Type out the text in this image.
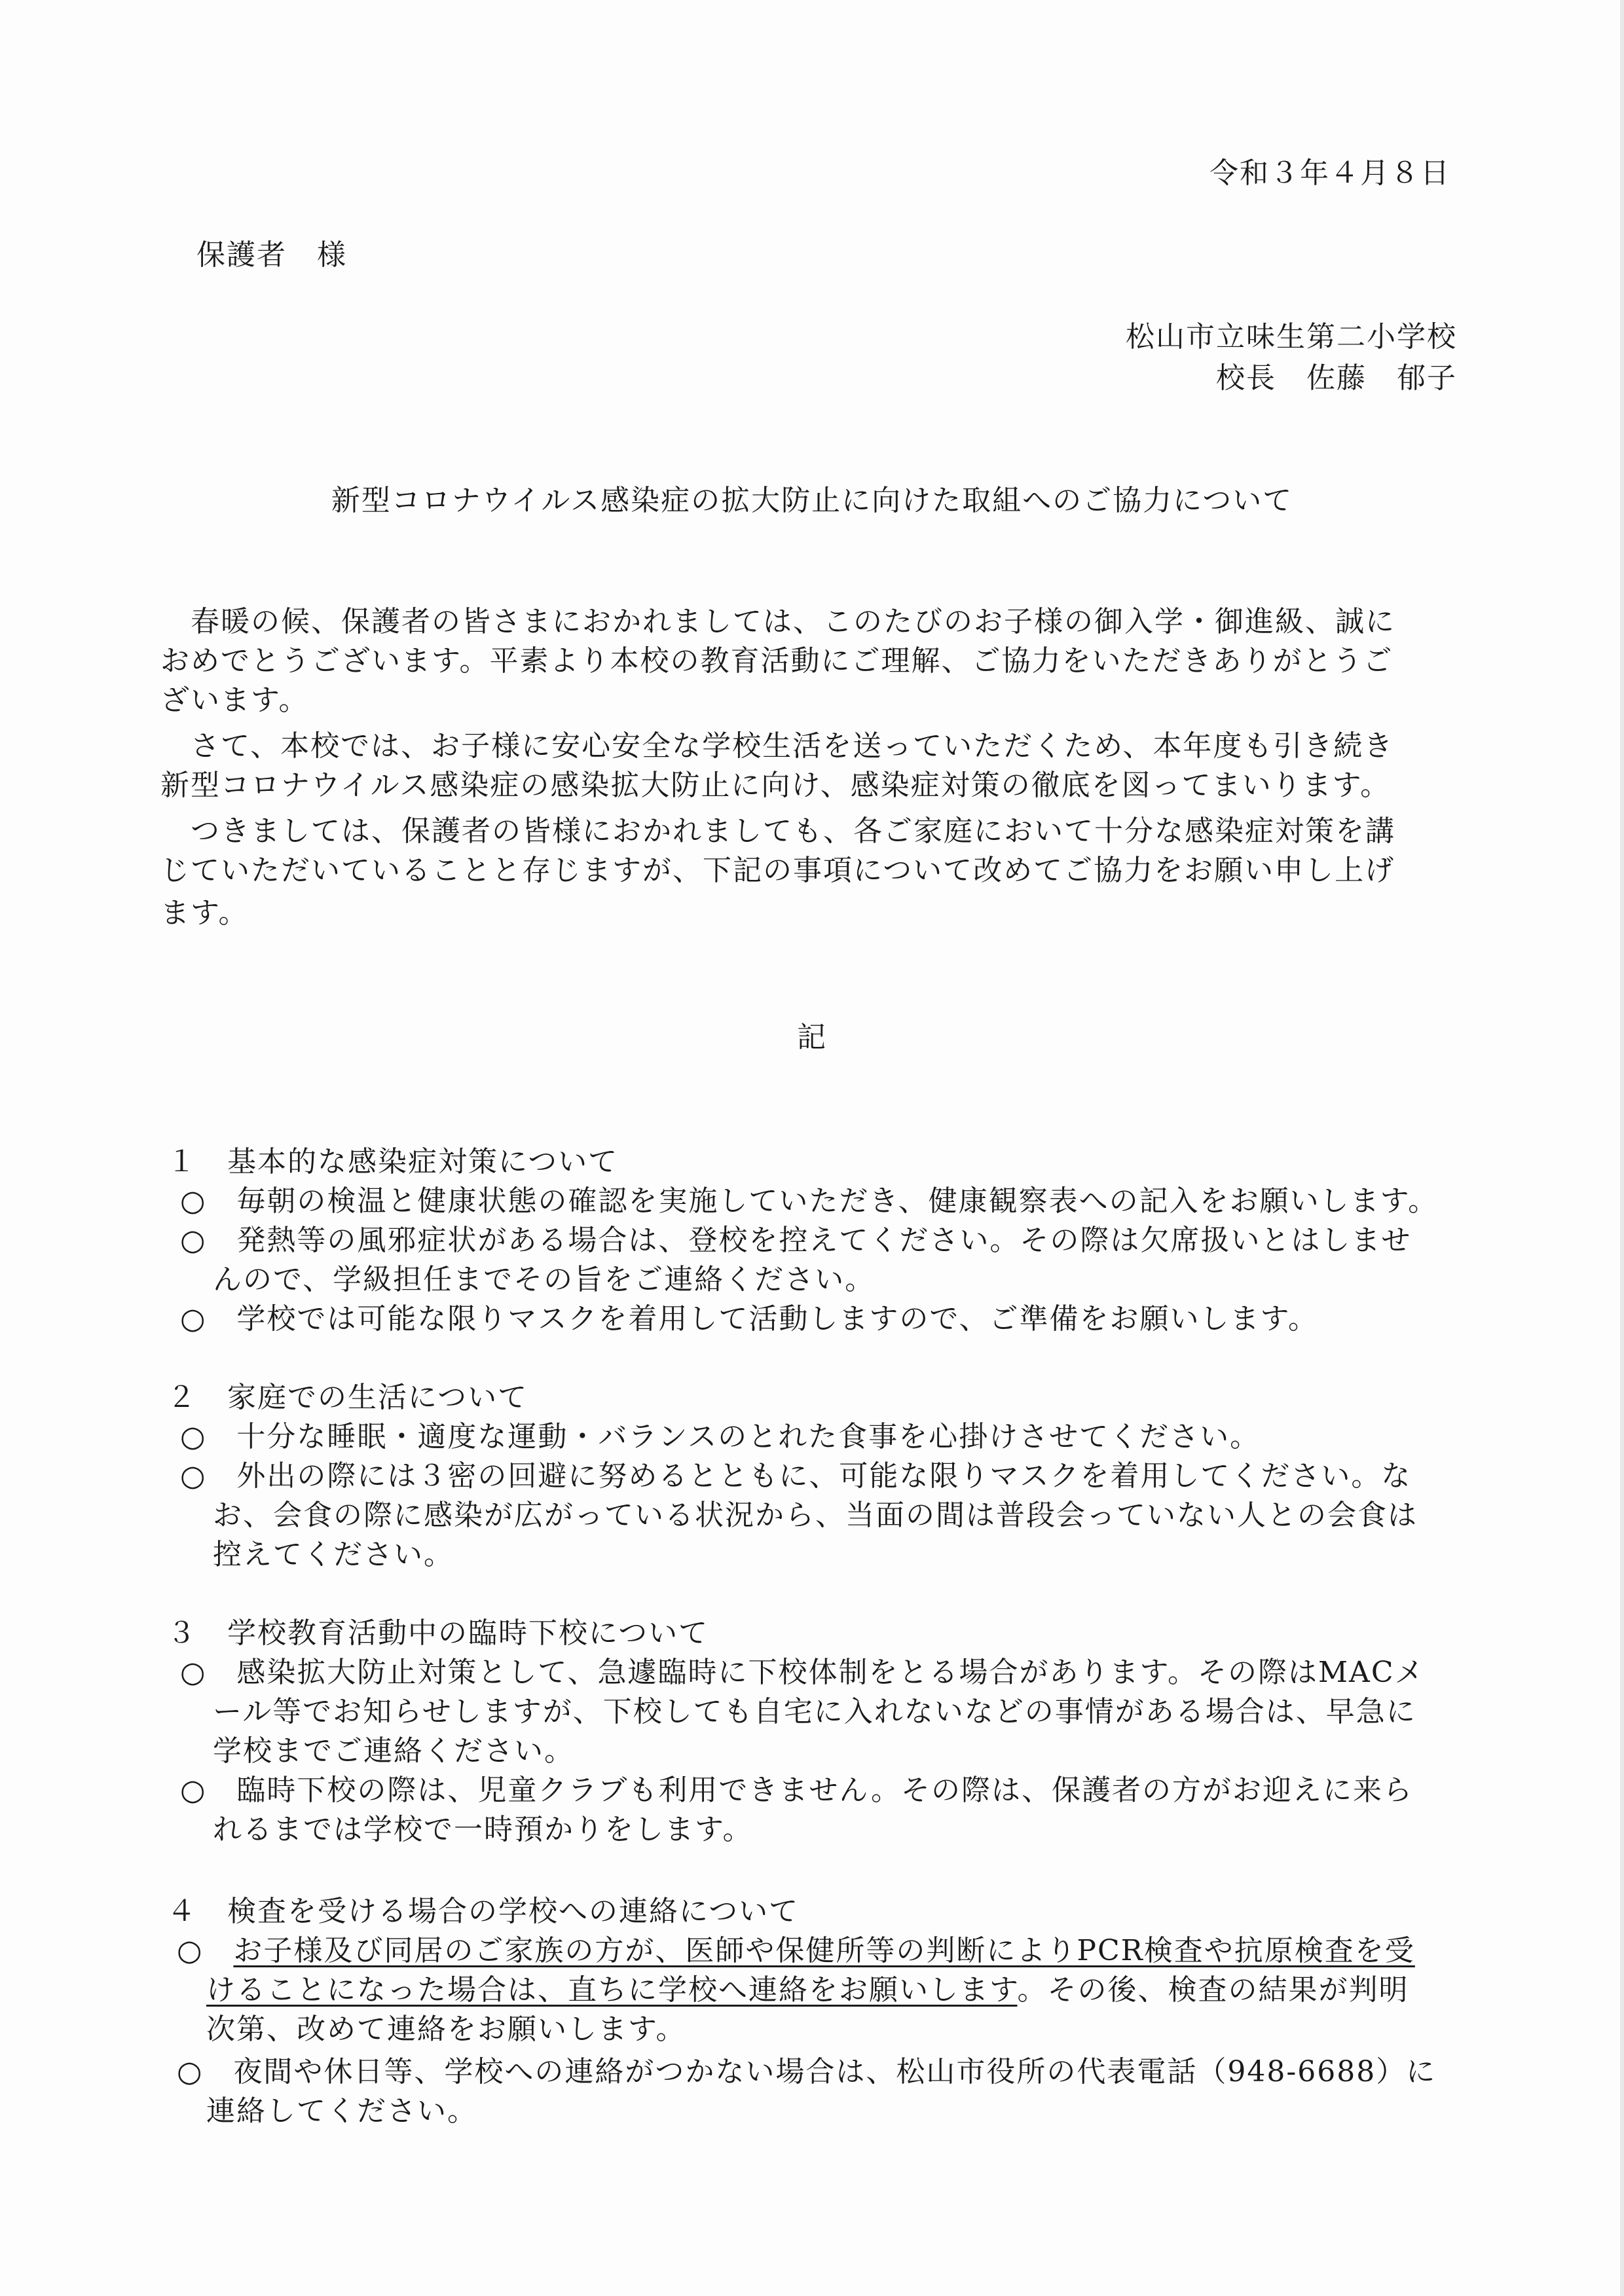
令和３年４月８日
保護者　様
松山市立味生第二小学校
校長　佐藤　郁子
新型コロナウイルス感染症の拡大防止に向けた取組へのご協力について
　春暖の候、保護者の皆さまにおかれましては、このたびのお子様の御入学・御進級、誠に
おめでとうございます。平素より本校の教育活動にご理解、ご協力をいただきありがとうご
ざいます。
　さて、本校では、お子様に安心安全な学校生活を送っていただくため、本年度も引き続き
新型コロナウイルス感染症の感染拡大防止に向け、感染症対策の徹底を図ってまいります。
　つきましては、保護者の皆様におかれましても、各ご家庭において十分な感染症対策を講
じていただいていることと存じますが、下記の事項について改めてご協力をお願い申し上げ
ます。
記
１　基本的な感染症対策について
○　毎朝の検温と健康状態の確認を実施していただき、健康観察表への記入をお願いします。
○　発熱等の風邪症状がある場合は、登校を控えてください。その際は欠席扱いとはしませ
んので、学級担任までその旨をご連絡ください。
○　学校では可能な限りマスクを着用して活動しますので、ご準備をお願いします。
２　家庭での生活について
○　十分な睡眠・適度な運動・バランスのとれた食事を心掛けさせてください。
○　外出の際には３密の回避に努めるとともに、可能な限りマスクを着用してください。な
お、会食の際に感染が広がっている状況から、当面の間は普段会っていない人との会食は
控えてください。
３　学校教育活動中の臨時下校について
○　感染拡大防止対策として、急遽臨時に下校体制をとる場合があります。その際はMACメ
ール等でお知らせしますが、下校しても自宅に入れないなどの事情がある場合は、早急に
学校までご連絡ください。
○　臨時下校の際は、児童クラブも利用できません。その際は、保護者の方がお迎えに来ら
れるまでは学校で一時預かりをします。
４　検査を受ける場合の学校への連絡について
○　お子様及び同居のご家族の方が、医師や保健所等の判断によりPCR検査や抗原検査を受
けることになった場合は、直ちに学校へ連絡をお願いします。その後、検査の結果が判明
次第、改めて連絡をお願いします。
○　夜間や休日等、学校への連絡がつかない場合は、松山市役所の代表電話（948-6688）に
連絡してください。
